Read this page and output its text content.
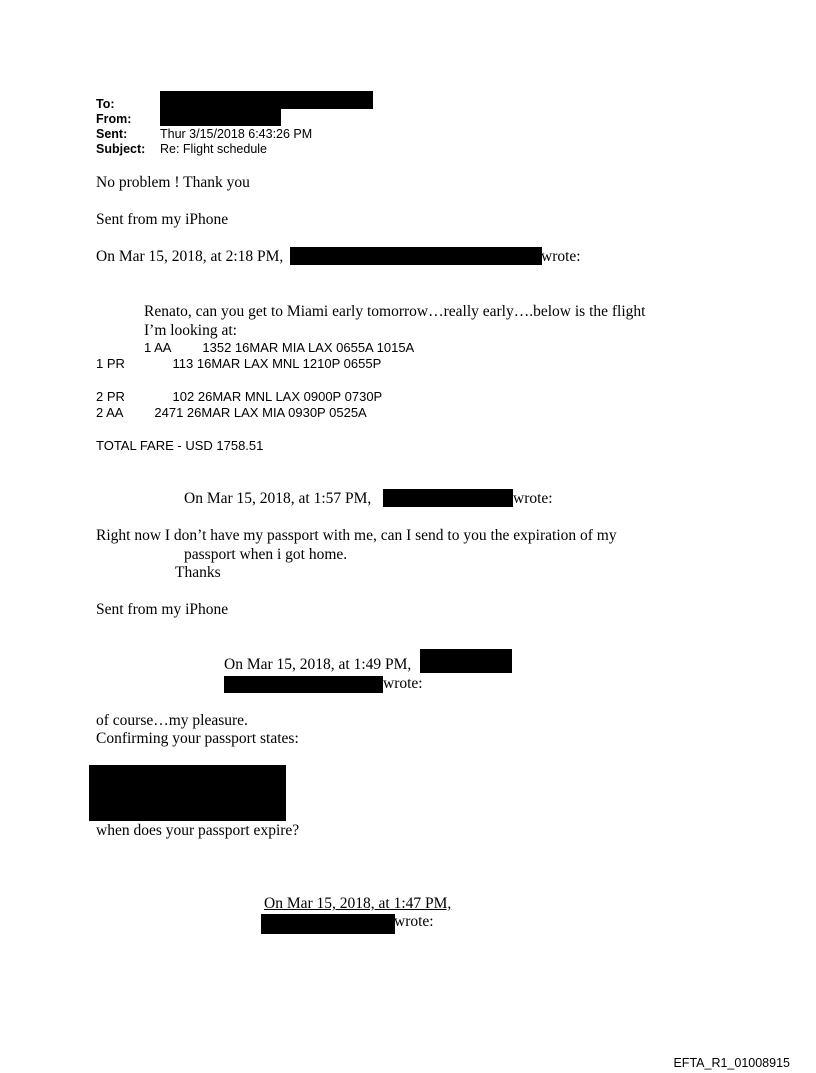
To:
From:
Sent:	Thur 3/15/2018 6:43:26 PM
Subject: Re: Flight schedule
No problem ! Thank you
Sent from my iPhone
On Mar 15, 2018, at 2:18 PM,	wrote:
Renato, can you get to Miami early tomorrow…really early….below is the flight
I’m looking at:
1 AA 1352 16MAR MIA LAX 0655A 1015A
1 PR	113 16MAR LAX MNL 1210P 0655P
2 PR	102 26MAR MNL LAX 0900P 0730P
2 AA 2471 26MAR LAX MIA 0930P 0525A
TOTAL FARE - USD 1758.51
On Mar 15, 2018, at 1:57 PM,	wrote:
Right now I don’t have my passport with me, can I send to you the expiration of my
passport when i got home.
Thanks
Sent from my iPhone
On Mar 15, 2018, at 1:49 PM,
wrote:
of course…my pleasure.
Confirming your passport states:
when does your passport expire?
On Mar 15, 2018, at 1:47 PM,
wrote:
EFTA_R1_01008915
